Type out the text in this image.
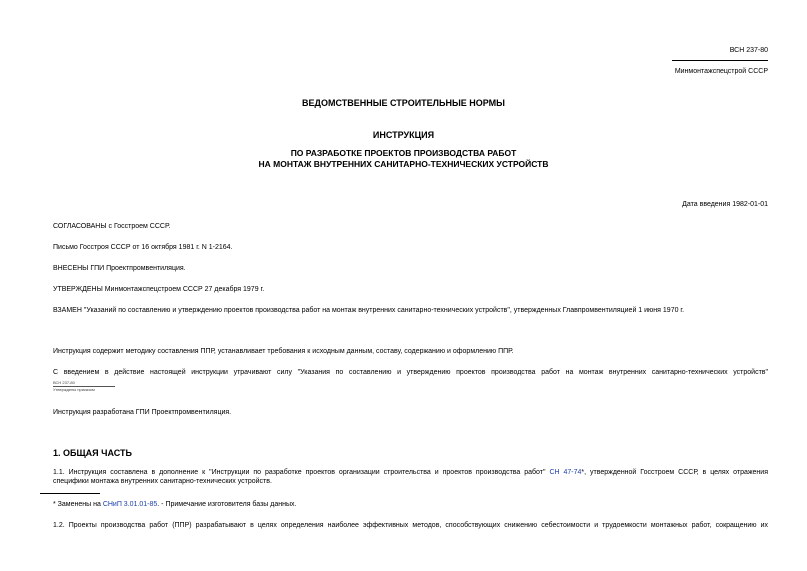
ВСН 237-80
Минмонтажспецстрой СССР
ВЕДОМСТВЕННЫЕ СТРОИТЕЛЬНЫЕ НОРМЫ
ИНСТРУКЦИЯ
ПО РАЗРАБОТКЕ ПРОЕКТОВ ПРОИЗВОДСТВА РАБОТ
НА МОНТАЖ ВНУТРЕННИХ САНИТАРНО-ТЕХНИЧЕСКИХ УСТРОЙСТВ
Дата введения 1982-01-01
СОГЛАСОВАНЫ с Госстроем СССР.
Письмо Госстроя СССР от 16 октября 1981 г. N 1-2164.
ВНЕСЕНЫ ГПИ Проектпромвентиляция.
УТВЕРЖДЕНЫ Минмонтажспецстроем СССР 27 декабря 1979 г.
ВЗАМЕН "Указаний по составлению и утверждению проектов производства работ на монтаж внутренних санитарно-технических устройств", утвержденных Главпромвентиляцией 1 июня 1970 г.
Инструкция содержит методику составления ППР, устанавливает требования к исходным данным, составу, содержанию и оформлению ППР.
С введением в действие настоящей инструкции утрачивают силу "Указания по составлению и утверждению проектов производства работ на монтаж внутренних санитарно-технических устройств"
ВСН 237-80
Утверждены приказом
Инструкция разработана ГПИ Проектпромвентиляция.
1. ОБЩАЯ ЧАСТЬ
1.1. Инструкция составлена в дополнение к "Инструкции по разработке проектов организации строительства и проектов производства работ" СН 47-74*, утвержденной Госстроем СССР, в целях отражения
специфики монтажа внутренних санитарно-технических устройств.
* Заменены на СНиП 3.01.01-85. - Примечание изготовителя базы данных.
1.2. Проекты производства работ (ППР) разрабатывают в целях определения наиболее эффективных методов, способствующих снижению себестоимости и трудоемкости монтажных работ, сокращению их
